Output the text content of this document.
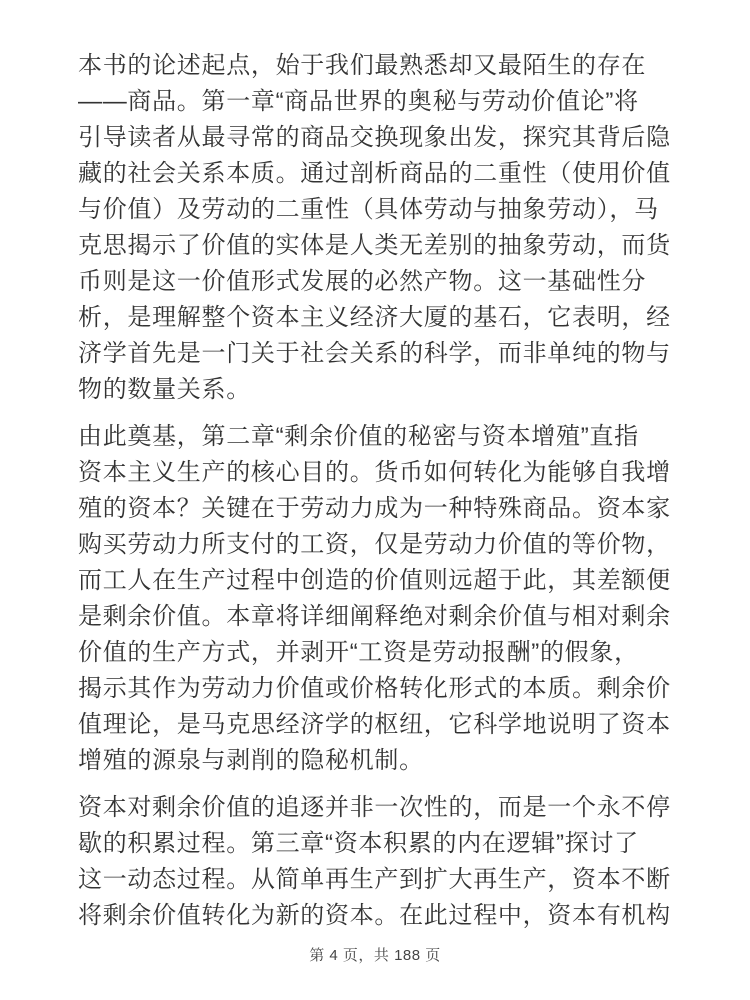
本书的论述起点，始于我们最熟悉却又最陌生的存在
——商品。第一章“商品世界的奥秘与劳动价值论”将
引导读者从最寻常的商品交换现象出发，探究其背后隐
藏的社会关系本质。通过剖析商品的二重性（使用价值
与价值）及劳动的二重性（具体劳动与抽象劳动），马
克思揭示了价值的实体是人类无差别的抽象劳动，而货
币则是这一价值形式发展的必然产物。这一基础性分
析，是理解整个资本主义经济大厦的基石，它表明，经
济学首先是一门关于社会关系的科学，而非单纯的物与
物的数量关系。
由此奠基，第二章“剩余价值的秘密与资本增殖”直指
资本主义生产的核心目的。货币如何转化为能够自我增
殖的资本？关键在于劳动力成为一种特殊商品。资本家
购买劳动力所支付的工资，仅是劳动力价值的等价物，
而工人在生产过程中创造的价值则远超于此，其差额便
是剩余价值。本章将详细阐释绝对剩余价值与相对剩余
价值的生产方式，并剥开“工资是劳动报酬”的假象，
揭示其作为劳动力价值或价格转化形式的本质。剩余价
值理论，是马克思经济学的枢纽，它科学地说明了资本
增殖的源泉与剥削的隐秘机制。
资本对剩余价值的追逐并非一次性的，而是一个永不停
歇的积累过程。第三章“资本积累的内在逻辑”探讨了
这一动态过程。从简单再生产到扩大再生产，资本不断
将剩余价值转化为新的资本。在此过程中，资本有机构
第 4 页，共 188 页
